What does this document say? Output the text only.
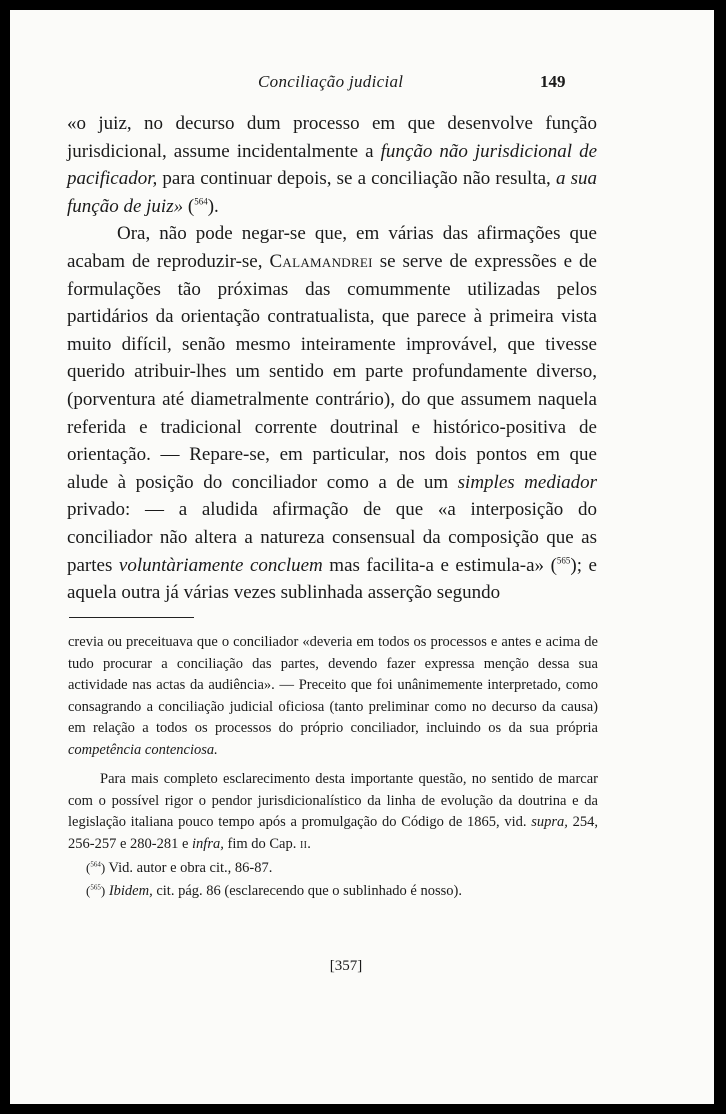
Conciliação judicial	149

«o juiz, no decurso dum processo em que desenvolve função jurisdicional, assume incidentalmente a função não jurisdicional de pacificador, para continuar depois, se a conciliação não resulta, a sua função de juiz» ($^{564}$).

Ora, não pode negar-se que, em várias das afirmações que acabam de reproduzir-se, Calamandrei se serve de expressões e de formulações tão próximas das comummente utilizadas pelos partidários da orientação contratualista, que parece à primeira vista muito difícil, senão mesmo inteiramente improvável, que tivesse querido atribuir-lhes um sentido em parte profundamente diverso, (porventura até diametralmente contrário), do que assumem naquela referida e tradicional corrente doutrinal e histórico-positiva de orientação. — Repare-se, em particular, nos dois pontos em que alude à posição do conciliador como a de um simples mediador privado: — a aludida afirmação de que «a interposição do conciliador não altera a natureza consensual da composição que as partes voluntàriamente concluem mas facilita-a e estimula-a» ($^{565}$); e aquela outra já várias vezes sublinhada asserção segundo

crevia ou preceituava que o conciliador «deveria em todos os processos e antes e acima de tudo procurar a conciliação das partes, devendo fazer expressa menção dessa sua actividade nas actas da audiência». — Preceito que foi unânimemente interpretado, como consagrando a conciliação judicial oficiosa (tanto preliminar como no decurso da causa) em relação a todos os processos do próprio conciliador, incluindo os da sua própria competência contenciosa.

Para mais completo esclarecimento desta importante questão, no sentido de marcar com o possível rigor o pendor jurisdicionalístico da linha de evolução da doutrina e da legislação italiana pouco tempo após a promulgação do Código de 1865, vid. supra, 254, 256-257 e 280-281 e infra, fim do Cap. ii.

($^{564}$) Vid. autor e obra cit., 86-87.

($^{565}$) Ibidem, cit. pág. 86 (esclarecendo que o sublinhado é nosso).

[357]
